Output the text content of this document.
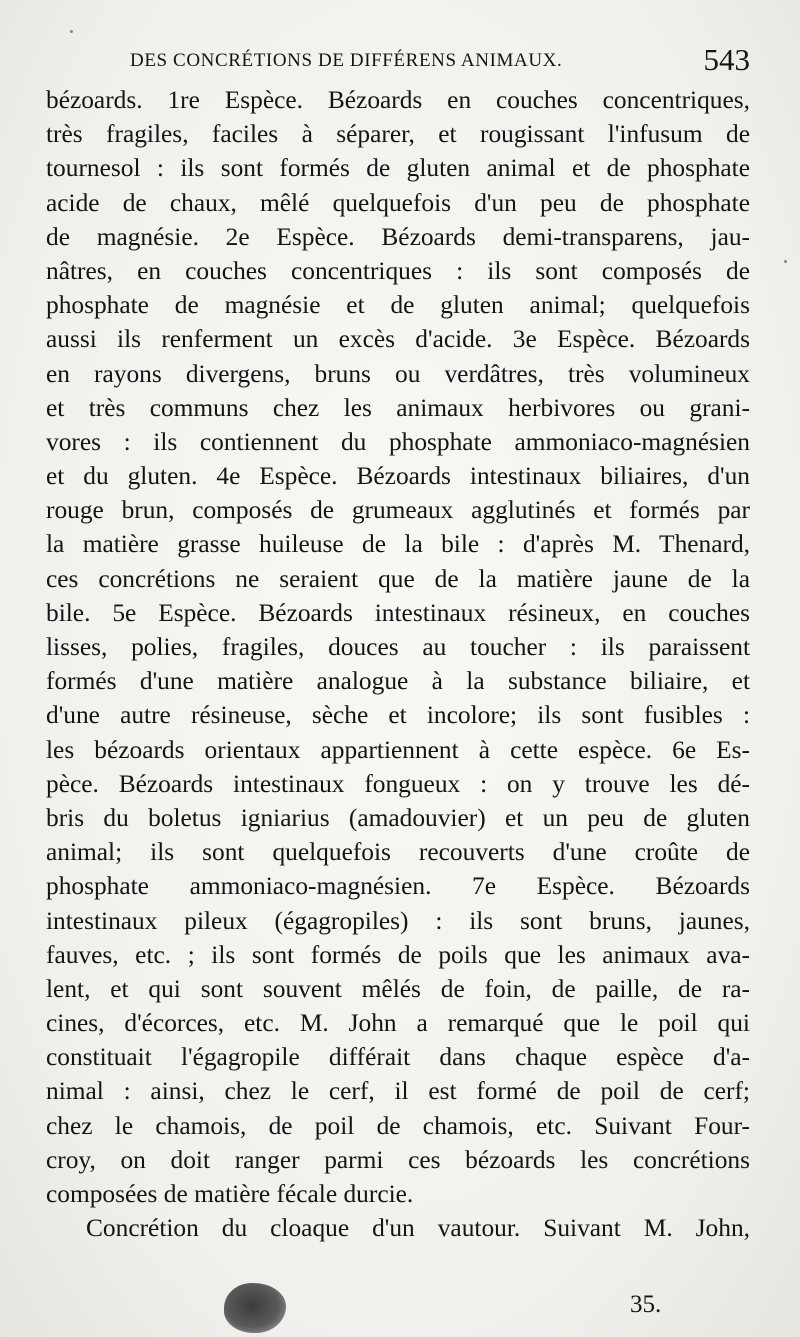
DES CONCRÉTIONS DE DIFFÉRENS ANIMAUX.	543
bézoards. 1re Espèce. Bézoards en couches concentriques,
très fragiles, faciles à séparer, et rougissant l'infusum de
tournesol : ils sont formés de gluten animal et de phosphate
acide de chaux, mêlé quelquefois d'un peu de phosphate
de magnésie. 2e Espèce. Bézoards demi-transparens, jau-
nâtres, en couches concentriques : ils sont composés de
phosphate de magnésie et de gluten animal; quelquefois
aussi ils renferment un excès d'acide. 3e Espèce. Bézoards
en rayons divergens, bruns ou verdâtres, très volumineux
et très communs chez les animaux herbivores ou grani-
vores : ils contiennent du phosphate ammoniaco-magnésien
et du gluten. 4e Espèce. Bézoards intestinaux biliaires, d'un
rouge brun, composés de grumeaux agglutinés et formés par
la matière grasse huileuse de la bile : d'après M. Thenard,
ces concrétions ne seraient que de la matière jaune de la
bile. 5e Espèce. Bézoards intestinaux résineux, en couches
lisses, polies, fragiles, douces au toucher : ils paraissent
formés d'une matière analogue à la substance biliaire, et
d'une autre résineuse, sèche et incolore; ils sont fusibles :
les bézoards orientaux appartiennent à cette espèce. 6e Es-
pèce. Bézoards intestinaux fongueux : on y trouve les dé-
bris du boletus igniarius (amadouvier) et un peu de gluten
animal; ils sont quelquefois recouverts d'une croûte de
phosphate ammoniaco-magnésien. 7e Espèce. Bézoards
intestinaux pileux (égagropiles) : ils sont bruns, jaunes,
fauves, etc. ; ils sont formés de poils que les animaux ava-
lent, et qui sont souvent mêlés de foin, de paille, de ra-
cines, d'écorces, etc. M. John a remarqué que le poil qui
constituait l'égagropile différait dans chaque espèce d'a-
nimal : ainsi, chez le cerf, il est formé de poil de cerf;
chez le chamois, de poil de chamois, etc. Suivant Four-
croy, on doit ranger parmi ces bézoards les concrétions
composées de matière fécale durcie.
Concrétion du cloaque d'un vautour. Suivant M. John,
35.
